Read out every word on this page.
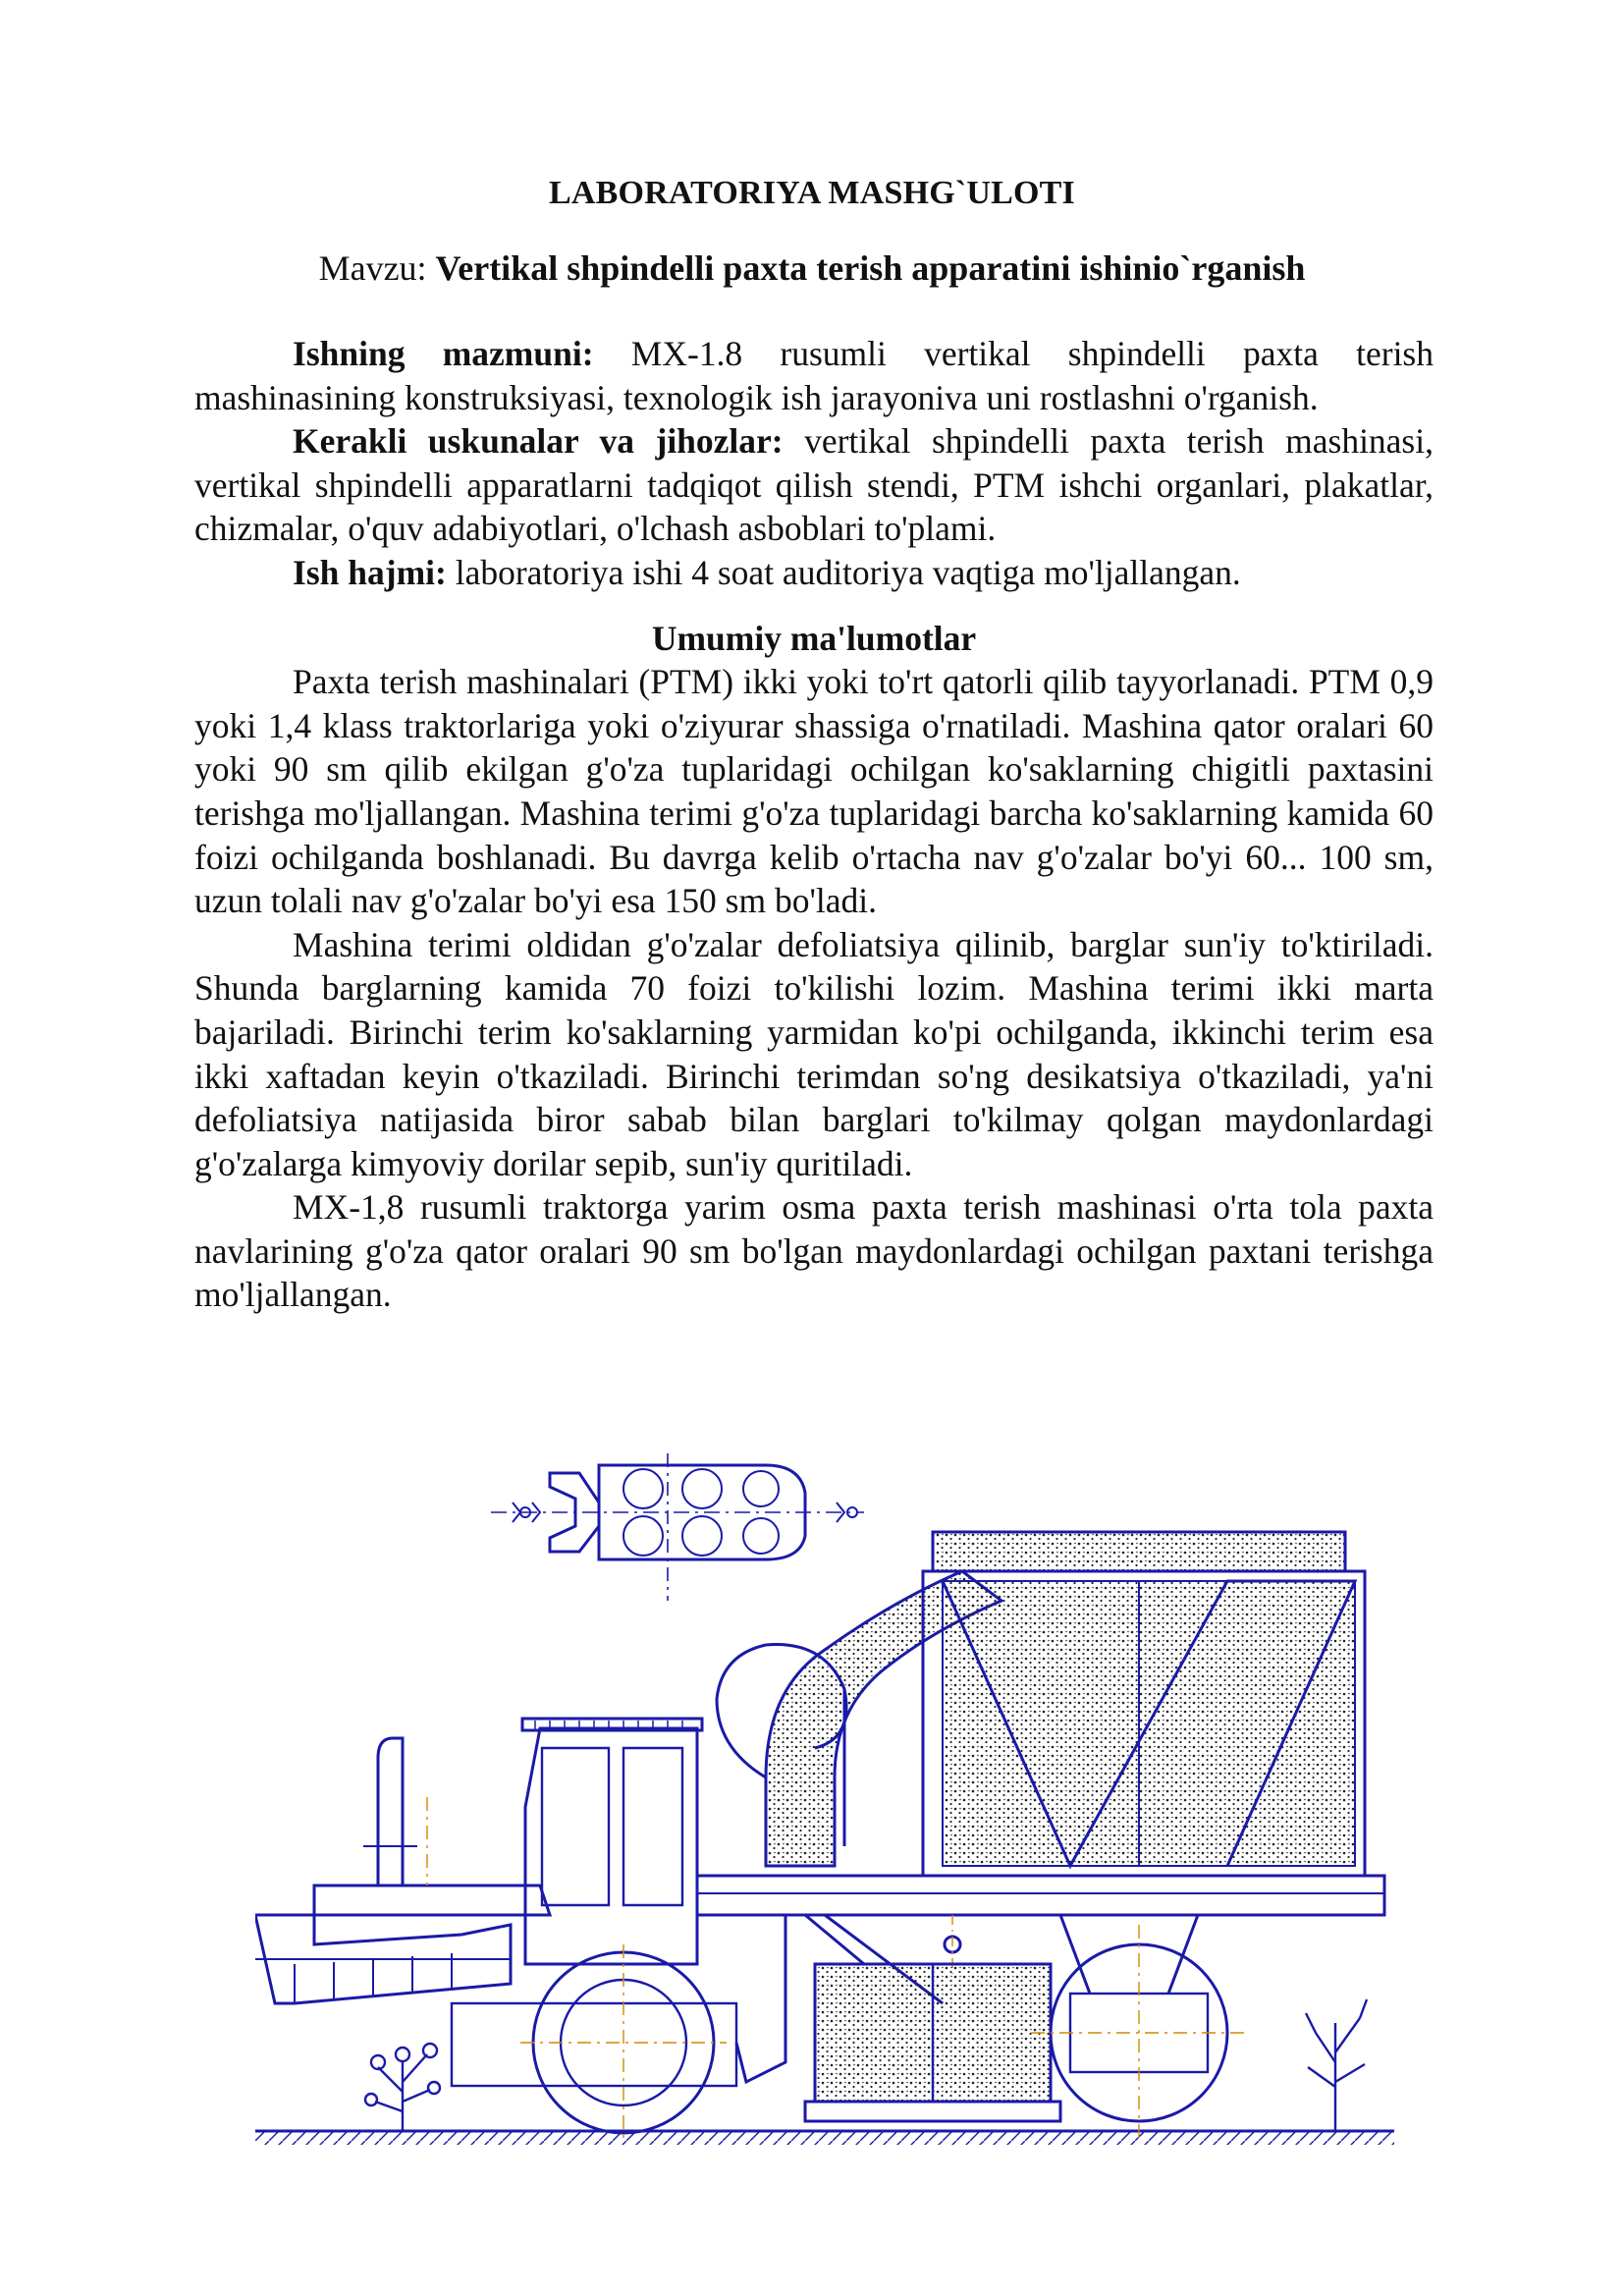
LABORATORIYA MASHG`ULOTI
Mavzu: Vertikal shpindelli paxta terish apparatini ishinio`rganish

Ishning mazmuni: MX-1.8 rusumli vertikal shpindelli paxta terish mashinasining konstruksiyasi, texnologik ish jarayoniva uni rostlashni o'rganish.

Kerakli uskunalar va jihozlar: vertikal shpindelli paxta terish mashinasi, vertikal shpindelli apparatlarni tadqiqot qilish stendi, PTM ishchi organlari, plakatlar, chizmalar, o'quv adabiyotlari, o'lchash asboblari to'plami.

Ish hajmi: laboratoriya ishi 4 soat auditoriya vaqtiga mo'ljallangan.

Umumiy ma'lumotlar

Paxta terish mashinalari (PTM) ikki yoki to'rt qatorli qilib tayyorlanadi. PTM 0,9 yoki 1,4 klass traktorlariga yoki o'ziyurar shassiga o'rnatiladi. Mashina qator oralari 60 yoki 90 sm qilib ekilgan g'o'za tuplaridagi ochilgan ko'saklarning chigitli paxtasini terishga mo'ljallangan. Mashina terimi g'o'za tuplaridagi barcha ko'saklarning kamida 60 foizi ochilganda boshlanadi. Bu davrga kelib o'rtacha nav g'o'zalar bo'yi 60... 100 sm, uzun tolali nav g'o'zalar bo'yi esa 150 sm bo'ladi.

Mashina terimi oldidan g'o'zalar defoliatsiya qilinib, barglar sun'iy to'ktiriladi. Shunda barglarning kamida 70 foizi to'kilishi lozim. Mashina terimi ikki marta bajariladi. Birinchi terim ko'saklarning yarmidan ko'pi ochilganda, ikkinchi terim esa ikki xaftadan keyin o'tkaziladi. Birinchi terimdan so'ng desikatsiya o'tkaziladi, ya'ni defoliatsiya natijasida biror sabab bilan barglari to'kilmay qolgan maydonlardagi g'o'zalarga kimyoviy dorilar sepib, sun'iy quritiladi.

MX-1,8 rusumli traktorga yarim osma paxta terish mashinasi o'rta tola paxta navlarining g'o'za qator oralari 90 sm bo'lgan maydonlardagi ochilgan paxtani terishga mo'ljallangan.
